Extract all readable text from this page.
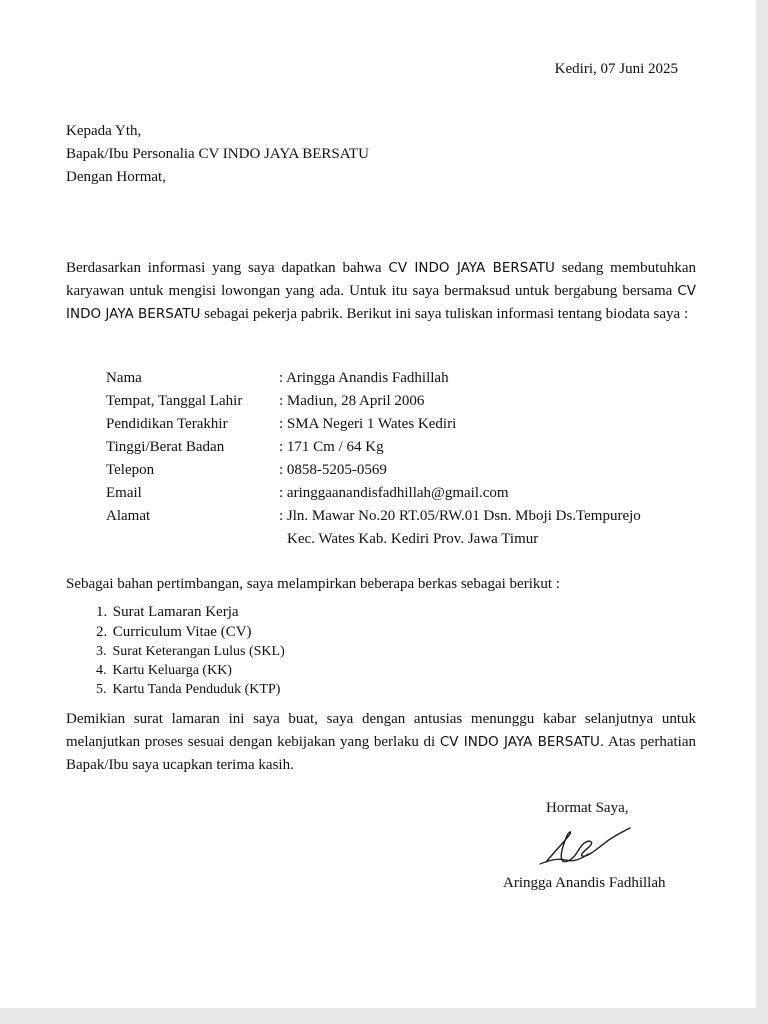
Kediri, 07 Juni 2025
Kepada Yth,
Bapak/Ibu Personalia CV INDO JAYA BERSATU
Dengan Hormat,
Berdasarkan informasi yang saya dapatkan bahwa CV INDO JAYA BERSATU sedang membutuhkan karyawan untuk mengisi lowongan yang ada. Untuk itu saya bermaksud untuk bergabung bersama CV INDO JAYA BERSATU sebagai pekerja pabrik. Berikut ini saya tuliskan informasi tentang biodata saya :
Nama	: Aringga Anandis Fadhillah
Tempat, Tanggal Lahir	: Madiun, 28 April 2006
Pendidikan Terakhir	: SMA Negeri 1 Wates Kediri
Tinggi/Berat Badan	: 171 Cm / 64 Kg
Telepon	: 0858-5205-0569
Email	: aringgaanandisfadhillah@gmail.com
Alamat	: Jln. Mawar No.20 RT.05/RW.01 Dsn. Mboji Ds.Tempurejo
Kec. Wates Kab. Kediri Prov. Jawa Timur
Sebagai bahan pertimbangan, saya melampirkan beberapa berkas sebagai berikut :
1. Surat Lamaran Kerja
2. Curriculum Vitae (CV)
3. Surat Keterangan Lulus (SKL)
4. Kartu Keluarga (KK)
5. Kartu Tanda Penduduk (KTP)
Demikian surat lamaran ini saya buat, saya dengan antusias menunggu kabar selanjutnya untuk melanjutkan proses sesuai dengan kebijakan yang berlaku di CV INDO JAYA BERSATU. Atas perhatian Bapak/Ibu saya ucapkan terima kasih.
Hormat Saya,
Aringga Anandis Fadhillah
